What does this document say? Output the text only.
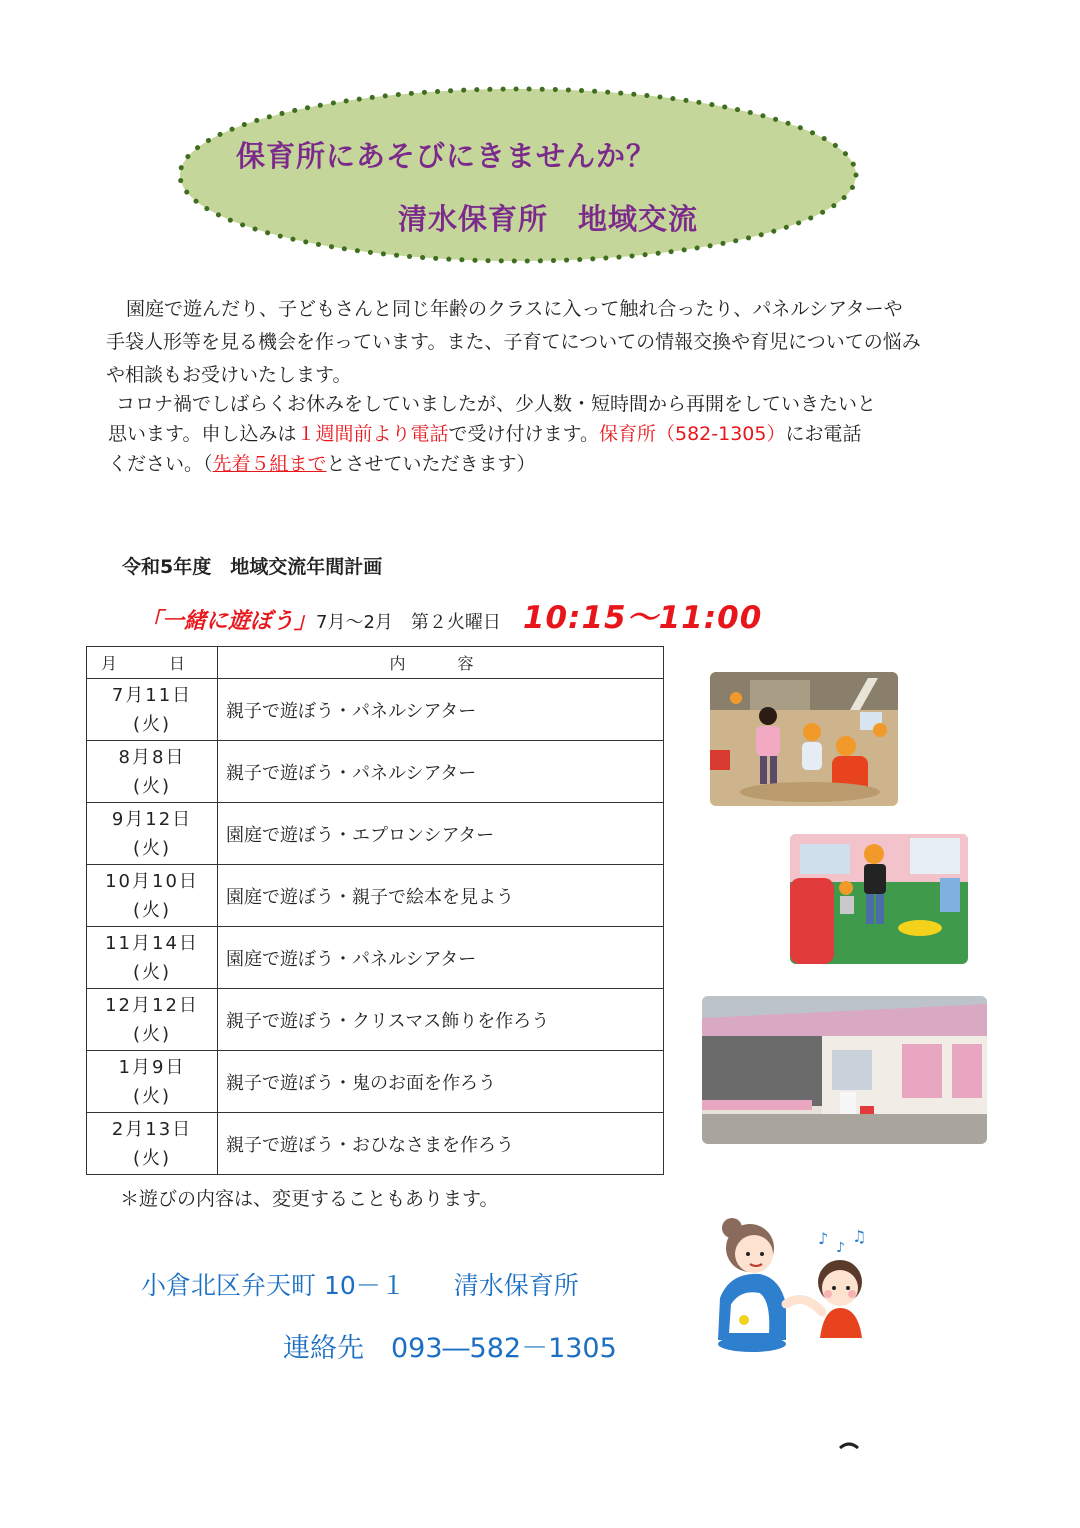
保育所にあそびにきませんか？
清水保育所　地域交流
園庭で遊んだり、子どもさんと同じ年齢のクラスに入って触れ合ったり、パネルシアターや
手袋人形等を見る機会を作っています。また、子育てについての情報交換や育児についての悩み
や相談もお受けいたします。
コロナ禍でしばらくお休みをしていましたが、少人数・短時間から再開をしていきたいと
思います。申し込みは１週間前より電話で受け付けます。保育所（582-1305）にお電話
ください。（先着５組までとさせていただきます）
令和5年度　地域交流年間計画
「一緒に遊ぼう」7月～2月　第２火曜日 10:15～11:00
月　日	内　容
7月11日
(火)	親子で遊ぼう・パネルシアター
8月8日
(火)	親子で遊ぼう・パネルシアター
9月12日
(火)	園庭で遊ぼう・エプロンシアター
10月10日
(火)	園庭で遊ぼう・親子で絵本を見よう
11月14日
(火)	園庭で遊ぼう・パネルシアター
12月12日
(火)	親子で遊ぼう・クリスマス飾りを作ろう
1月9日
(火)	親子で遊ぼう・鬼のお面を作ろう
2月13日
(火)	親子で遊ぼう・おひなさまを作ろう
＊遊びの内容は、変更することもあります。
小倉北区弁天町 10－１ 清水保育所
連絡先　093―582－1305
♪ ♪
♫
